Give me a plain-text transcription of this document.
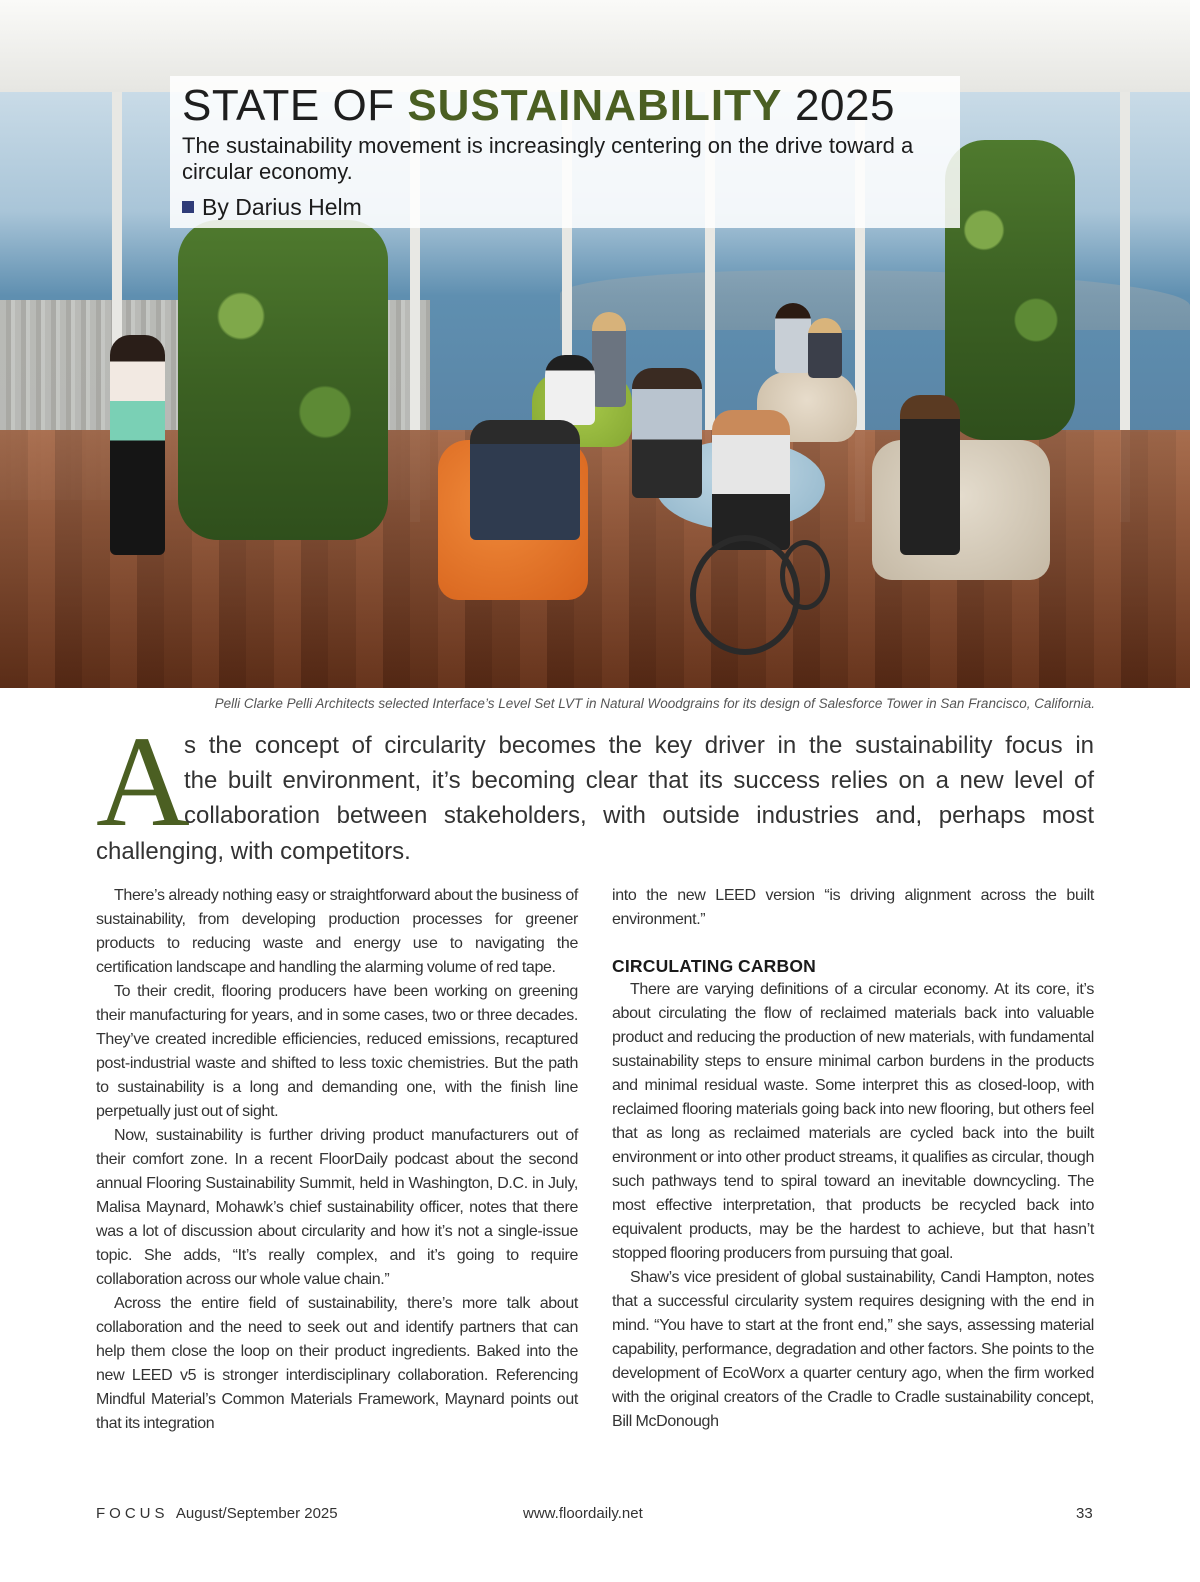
STATE OF SUSTAINABILITY 2025
The sustainability movement is increasingly centering on the drive toward a circular economy.
By Darius Helm
Pelli Clarke Pelli Architects selected Interface’s Level Set LVT in Natural Woodgrains for its design of Salesforce Tower in San Francisco, California.
A
s the concept of circularity becomes the key driver in the sustainability focus in
the built environment, it’s becoming clear that its success relies on a new level of
collaboration between stakeholders, with outside industries and, perhaps most
challenging, with competitors.

There’s already nothing easy or straightforward about the business of sustainability, from developing production processes for greener products to reducing waste and energy use to navigating the certification landscape and handling the alarming volume of red tape.

To their credit, flooring producers have been working on greening their manufacturing for years, and in some cases, two or three decades. They’ve created incredible efficiencies, reduced emissions, recaptured post-industrial waste and shifted to less toxic chemistries. But the path to sustainability is a long and demanding one, with the finish line perpetually just out of sight.

Now, sustainability is further driving product manufacturers out of their comfort zone. In a recent FloorDaily podcast about the second annual Flooring Sustainability Summit, held in Washington, D.C. in July, Malisa Maynard, Mohawk’s chief sustainability officer, notes that there was a lot of discussion about circularity and how it’s not a single-issue topic. She adds, “It’s really complex, and it’s going to require collaboration across our whole value chain.”

Across the entire field of sustainability, there’s more talk about collaboration and the need to seek out and identify partners that can help them close the loop on their product ingredients. Baked into the new LEED v5 is stronger interdisciplinary collaboration. Referencing Mindful Material’s Common Materials Framework, Maynard points out that its integration

into the new LEED version “is driving alignment across the built environment.”

CIRCULATING CARBON

There are varying definitions of a circular economy. At its core, it’s about circulating the flow of reclaimed materials back into valuable product and reducing the production of new materials, with fundamental sustainability steps to ensure minimal carbon burdens in the products and minimal residual waste. Some interpret this as closed-loop, with reclaimed flooring materials going back into new flooring, but others feel that as long as reclaimed materials are cycled back into the built environment or into other product streams, it qualifies as circular, though such pathways tend to spiral toward an inevitable downcycling. The most effective interpretation, that products be recycled back into equivalent products, may be the hardest to achieve, but that hasn’t stopped flooring producers from pursuing that goal.

Shaw’s vice president of global sustainability, Candi Hampton, notes that a successful circularity system requires designing with the end in mind. “You have to start at the front end,” she says, assessing material capability, performance, degradation and other factors. She points to the development of EcoWorx a quarter century ago, when the firm worked with the original creators of the Cradle to Cradle sustainability concept, Bill McDonough

FOCUS August/September 2025	www.floordaily.net	33
